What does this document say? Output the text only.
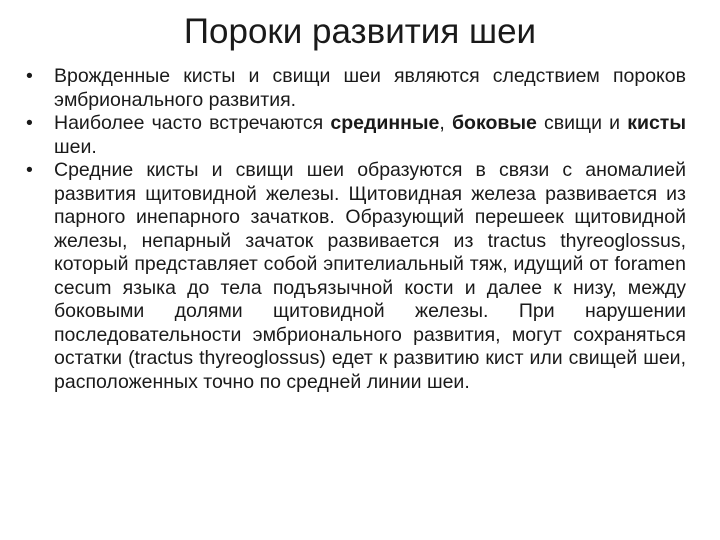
Пороки развития шеи
•	Врожденные кисты и свищи шеи являются следствием пороков эмбрионального развития.
•	Наиболее часто встречаются срединные, боковые свищи и кисты шеи.
•	Средние кисты и свищи шеи образуются в связи с аномалией развития щитовидной железы. Щитовидная железа развивается из парного инепарного зачатков. Образующий перешеек щитовидной железы, непарный зачаток развивается из tractus thyreoglossus, который представляет собой эпителиальный тяж, идущий от foramen cecum языка до тела подъязычной кости и далее к низу, между боковыми долями щитовидной железы. При нарушении последовательности эмбрионального развития, могут сохраняться остатки (tractus thyreoglossus) едет к развитию кист или свищей шеи, расположенных точно по средней линии шеи.
